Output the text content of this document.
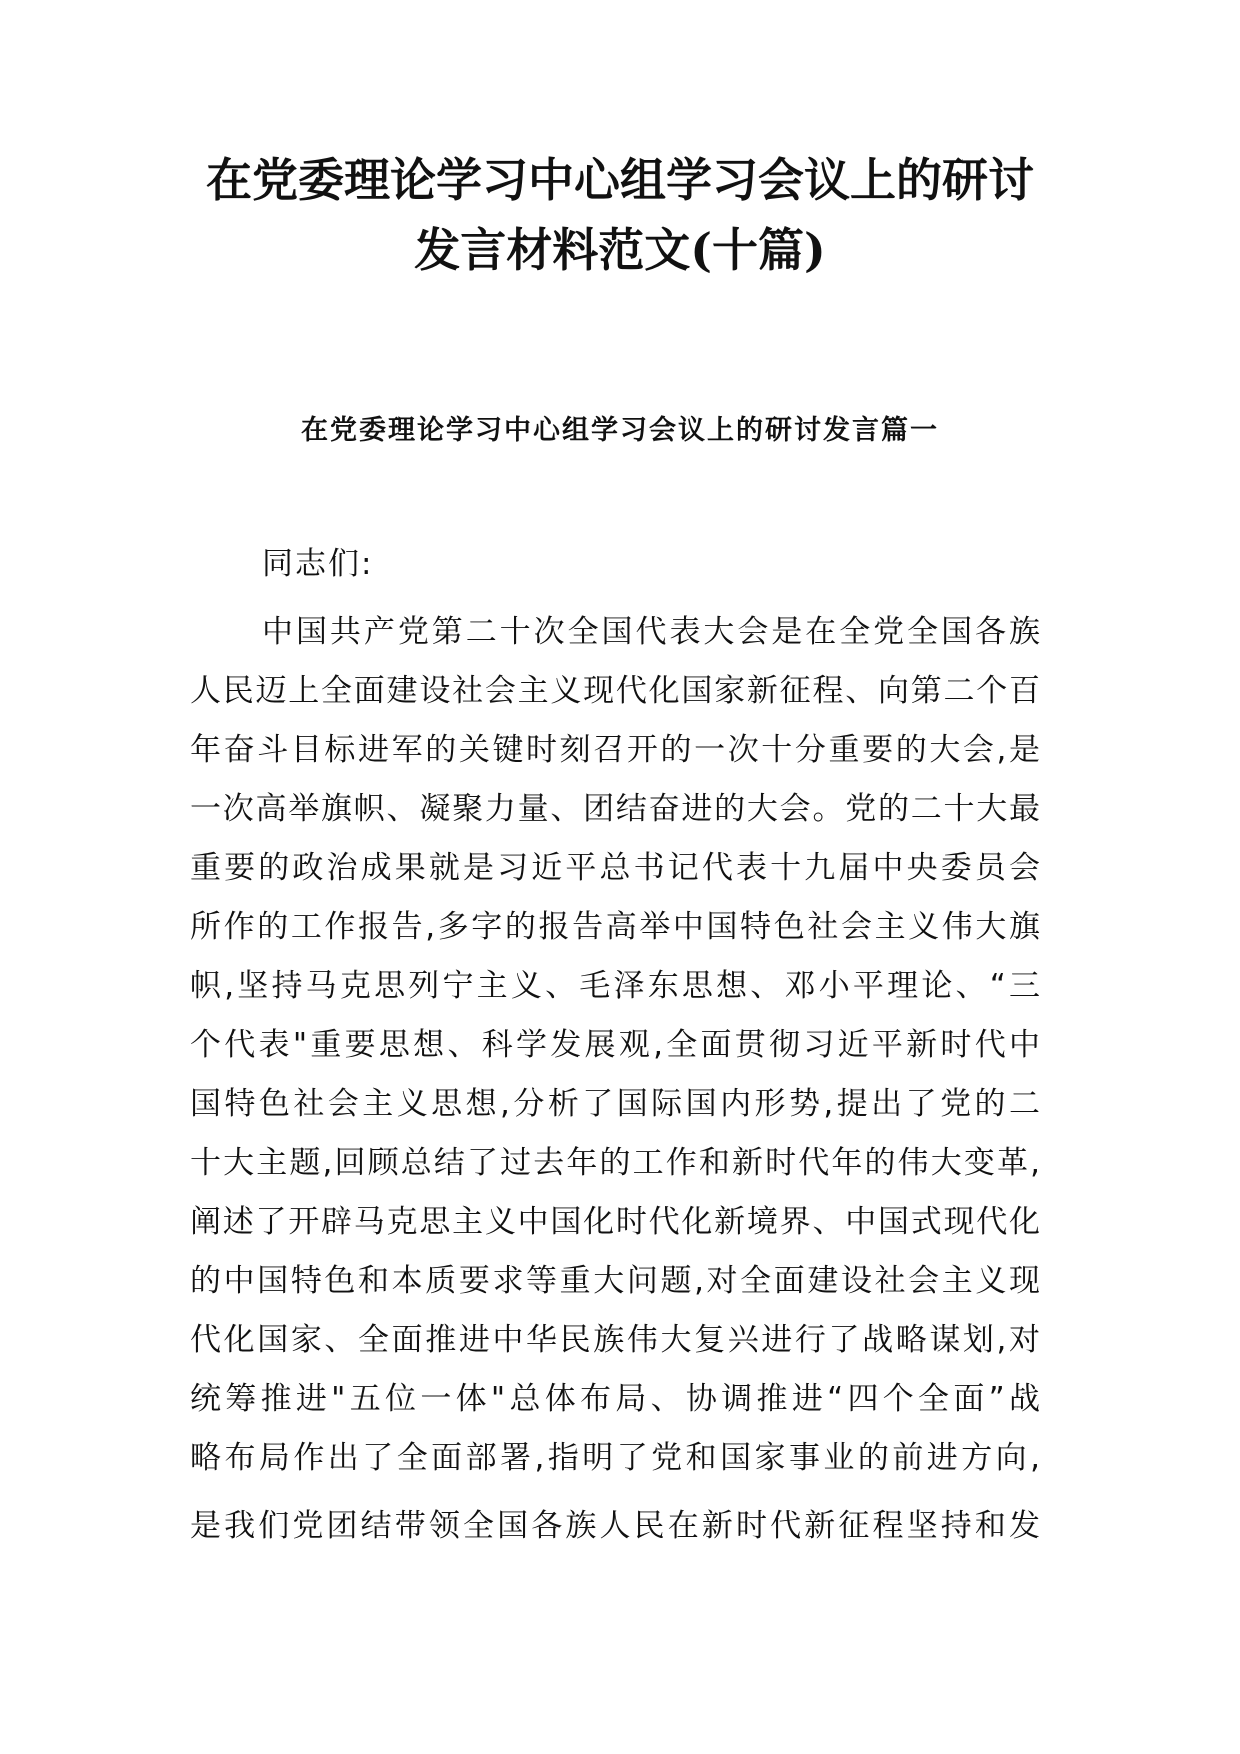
在党委理论学习中心组学习会议上的研讨
发言材料范文(十篇)
在党委理论学习中心组学习会议上的研讨发言篇一

同志们:

中国共产党第二十次全国代表大会是在全党全国各族

人民迈上全面建设社会主义现代化国家新征程、向第二个百

年奋斗目标进军的关键时刻召开的一次十分重要的大会,是

一次高举旗帜、凝聚力量、团结奋进的大会。党的二十大最

重要的政治成果就是习近平总书记代表十九届中央委员会

所作的工作报告,多字的报告高举中国特色社会主义伟大旗

帜,坚持马克思列宁主义、毛泽东思想、邓小平理论、“三

个代表"重要思想、科学发展观,全面贯彻习近平新时代中

国特色社会主义思想,分析了国际国内形势,提出了党的二

十大主题,回顾总结了过去年的工作和新时代年的伟大变革,

阐述了开辟马克思主义中国化时代化新境界、中国式现代化

的中国特色和本质要求等重大问题,对全面建设社会主义现

代化国家、全面推进中华民族伟大复兴进行了战略谋划,对

统筹推进"五位一体"总体布局、协调推进“四个全面”战

略布局作出了全面部署,指明了党和国家事业的前进方向,

是我们党团结带领全国各族人民在新时代新征程坚持和发
